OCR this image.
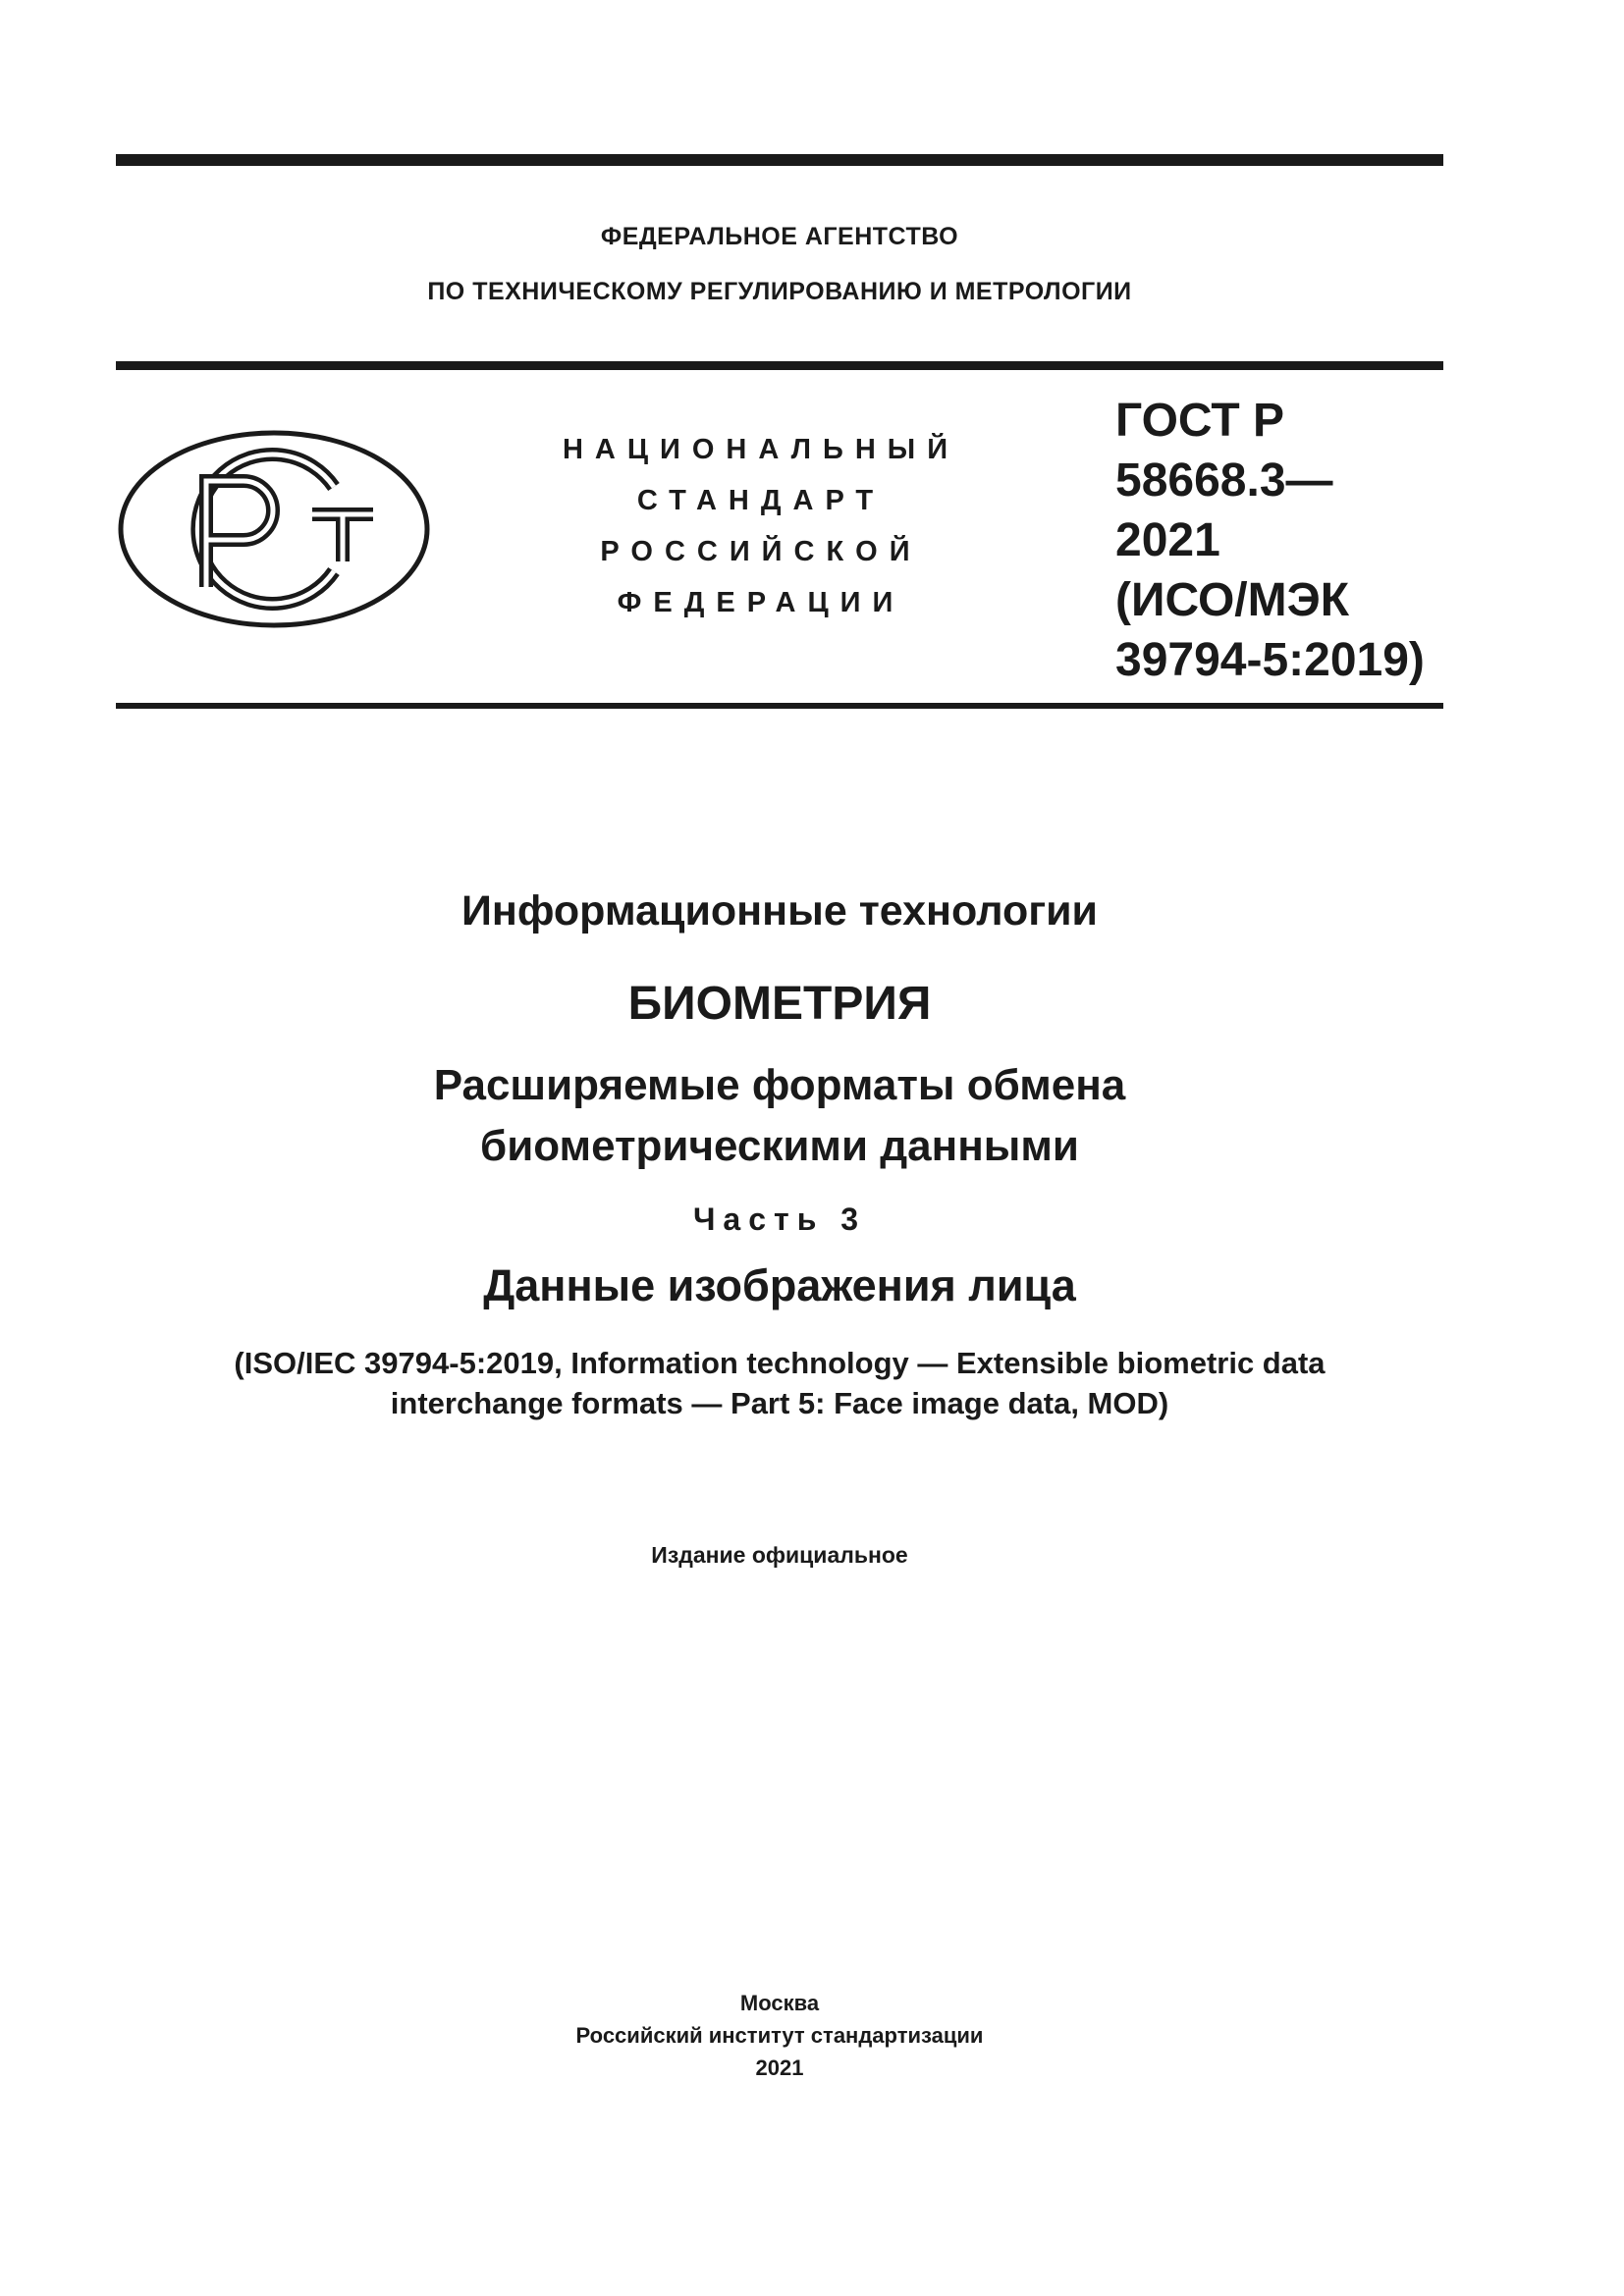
ФЕДЕРАЛЬНОЕ АГЕНТСТВО
ПО ТЕХНИЧЕСКОМУ РЕГУЛИРОВАНИЮ И МЕТРОЛОГИИ
НАЦИОНАЛЬНЫЙ
СТАНДАРТ
РОССИЙСКОЙ
ФЕДЕРАЦИИ
ГОСТ Р
58668.3—
2021
(ИСО/МЭК
39794-5:2019)
Информационные технологии
БИОМЕТРИЯ
Расширяемые форматы обмена
биометрическими данными
Часть 3
Данные изображения лица
(ISO/IEC 39794-5:2019, Information technology — Extensible biometric data
interchange formats — Part 5: Face image data, MOD)
Издание официальное
Москва
Российский институт стандартизации
2021
